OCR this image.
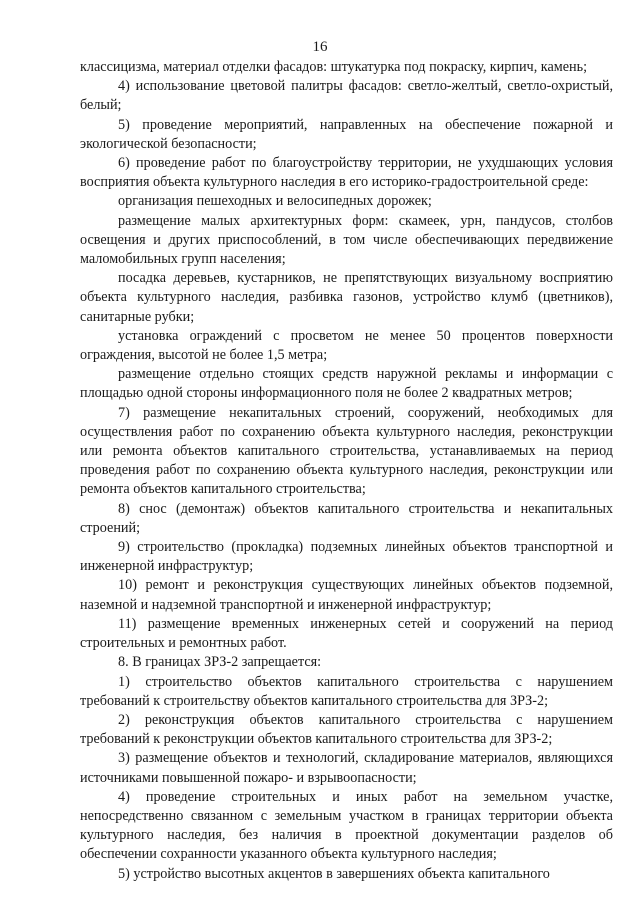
16

классицизма, материал отделки фасадов: штукатурка под покраску, кирпич, камень;

4) использование цветовой палитры фасадов: светло-желтый, светло-охристый, белый;

5) проведение мероприятий, направленных на обеспечение пожарной и экологической безопасности;

6) проведение работ по благоустройству территории, не ухудшающих условия восприятия объекта культурного наследия в его историко-градостроительной среде:

организация пешеходных и велосипедных дорожек;

размещение малых архитектурных форм: скамеек, урн, пандусов, столбов освещения и других приспособлений, в том числе обеспечивающих передвижение маломобильных групп населения;

посадка деревьев, кустарников, не препятствующих визуальному восприятию объекта культурного наследия, разбивка газонов, устройство клумб (цветников), санитарные рубки;

установка ограждений с просветом не менее 50 процентов поверхности ограждения, высотой не более 1,5 метра;

размещение отдельно стоящих средств наружной рекламы и информации с площадью одной стороны информационного поля не более 2 квадратных метров;

7) размещение некапитальных строений, сооружений, необходимых для осуществления работ по сохранению объекта культурного наследия, реконструкции или ремонта объектов капитального строительства, устанавливаемых на период проведения работ по сохранению объекта культурного наследия, реконструкции или ремонта объектов капитального строительства;

8) снос (демонтаж) объектов капитального строительства и некапитальных строений;

9) строительство (прокладка) подземных линейных объектов транспортной и инженерной инфраструктур;

10) ремонт и реконструкция существующих линейных объектов подземной, наземной и надземной транспортной и инженерной инфраструктур;

11) размещение временных инженерных сетей и сооружений на период строительных и ремонтных работ.

8. В границах ЗРЗ-2 запрещается:

1) строительство объектов капитального строительства с нарушением требований к строительству объектов капитального строительства для ЗРЗ-2;

2) реконструкция объектов капитального строительства с нарушением требований к реконструкции объектов капитального строительства для ЗРЗ-2;

3) размещение объектов и технологий, складирование материалов, являющихся источниками повышенной пожаро- и взрывоопасности;

4) проведение строительных и иных работ на земельном участке, непосредственно связанном с земельным участком в границах территории объекта культурного наследия, без наличия в проектной документации разделов об обеспечении сохранности указанного объекта культурного наследия;

5) устройство высотных акцентов в завершениях объекта капитального
